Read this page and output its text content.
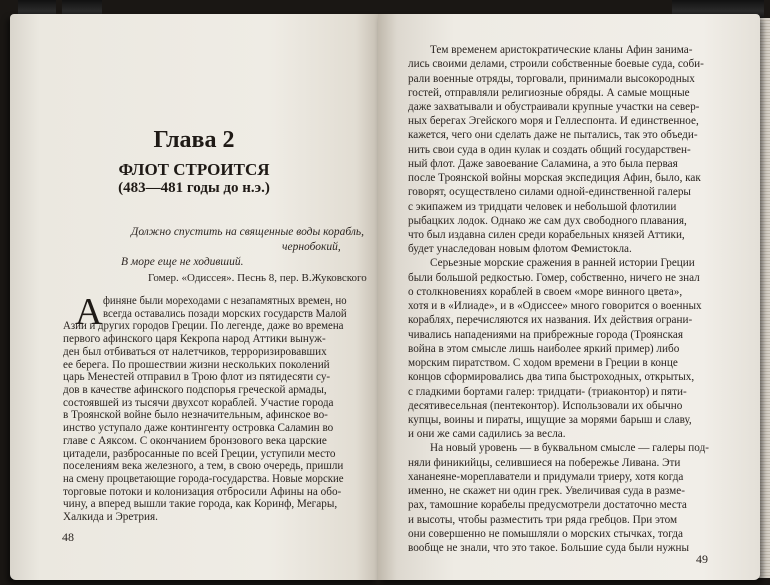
Глава 2
ФЛОТ СТРОИТСЯ
(483—481 годы до н.э.)
Должно спустить на священные воды корабль,
чернобокий,
В море еще не ходивший.
Гомер. «Одиссея». Песнь 8, пер. В.Жуковского
А финяне были мореходами с незапамятных времен, но
всегда оставались позади морских государств Малой
Азии и других городов Греции. По легенде, даже во времена
первого афинского царя Кекропа народ Аттики вынуж-
ден был отбиваться от налетчиков, терроризировавших
ее берега. По прошествии жизни нескольких поколений
царь Менестей отправил в Трою флот из пятидесяти су-
дов в качестве афинского подспорья греческой армады,
состоявшей из тысячи двухсот кораблей. Участие города
в Троянской войне было незначительным, афинское во-
инство уступало даже контингенту островка Саламин во
главе с Аяксом. С окончанием бронзового века царские
цитадели, разбросанные по всей Греции, уступили место
поселениям века железного, а тем, в свою очередь, пришли
на смену процветающие города-государства. Новые морские
торговые потоки и колонизация отбросили Афины на обо-
чину, а вперед вышли такие города, как Коринф, Мегары,
Халкида и Эретрия.
48
Тем временем аристократические кланы Афин занима-
лись своими делами, строили собственные боевые суда, соби-
рали военные отряды, торговали, принимали высокородных
гостей, отправляли религиозные обряды. А самые мощные
даже захватывали и обустраивали крупные участки на север-
ных берегах Эгейского моря и Геллеспонта. И единственное,
кажется, чего они сделать даже не пытались, так это объеди-
нить свои суда в один кулак и создать общий государствен-
ный флот. Даже завоевание Саламина, а это была первая
после Троянской войны морская экспедиция Афин, было, как
говорят, осуществлено силами одной-единственной галеры
с экипажем из тридцати человек и небольшой флотилии
рыбацких лодок. Однако же сам дух свободного плавания,
что был издавна силен среди корабельных князей Аттики,
будет унаследован новым флотом Фемистокла.
Серьезные морские сражения в ранней истории Греции
были большой редкостью. Гомер, собственно, ничего не знал
о столкновениях кораблей в своем «море винного цвета»,
хотя и в «Илиаде», и в «Одиссее» много говорится о военных
кораблях, перечисляются их названия. Их действия ограни-
чивались нападениями на прибрежные города (Троянская
война в этом смысле лишь наиболее яркий пример) либо
морским пиратством. С ходом времени в Греции в конце
концов сформировались два типа быстроходных, открытых,
с гладкими бортами галер: тридцати- (триаконтор) и пяти-
десятивесельная (пентеконтор). Использовали их обычно
купцы, воины и пираты, ищущие за морями барыш и славу,
и они же сами садились за весла.
На новый уровень — в буквальном смысле — галеры под-
няли финикийцы, селившиеся на побережье Ливана. Эти
хананеяне-мореплаватели и придумали триеру, хотя когда
именно, не скажет ни один грек. Увеличивая суда в разме-
рах, тамошние корабелы предусмотрели достаточно места
и высоты, чтобы разместить три ряда гребцов. При этом
они совершенно не помышляли о морских стычках, тогда
вообще не знали, что это такое. Большие суда были нужны
49
